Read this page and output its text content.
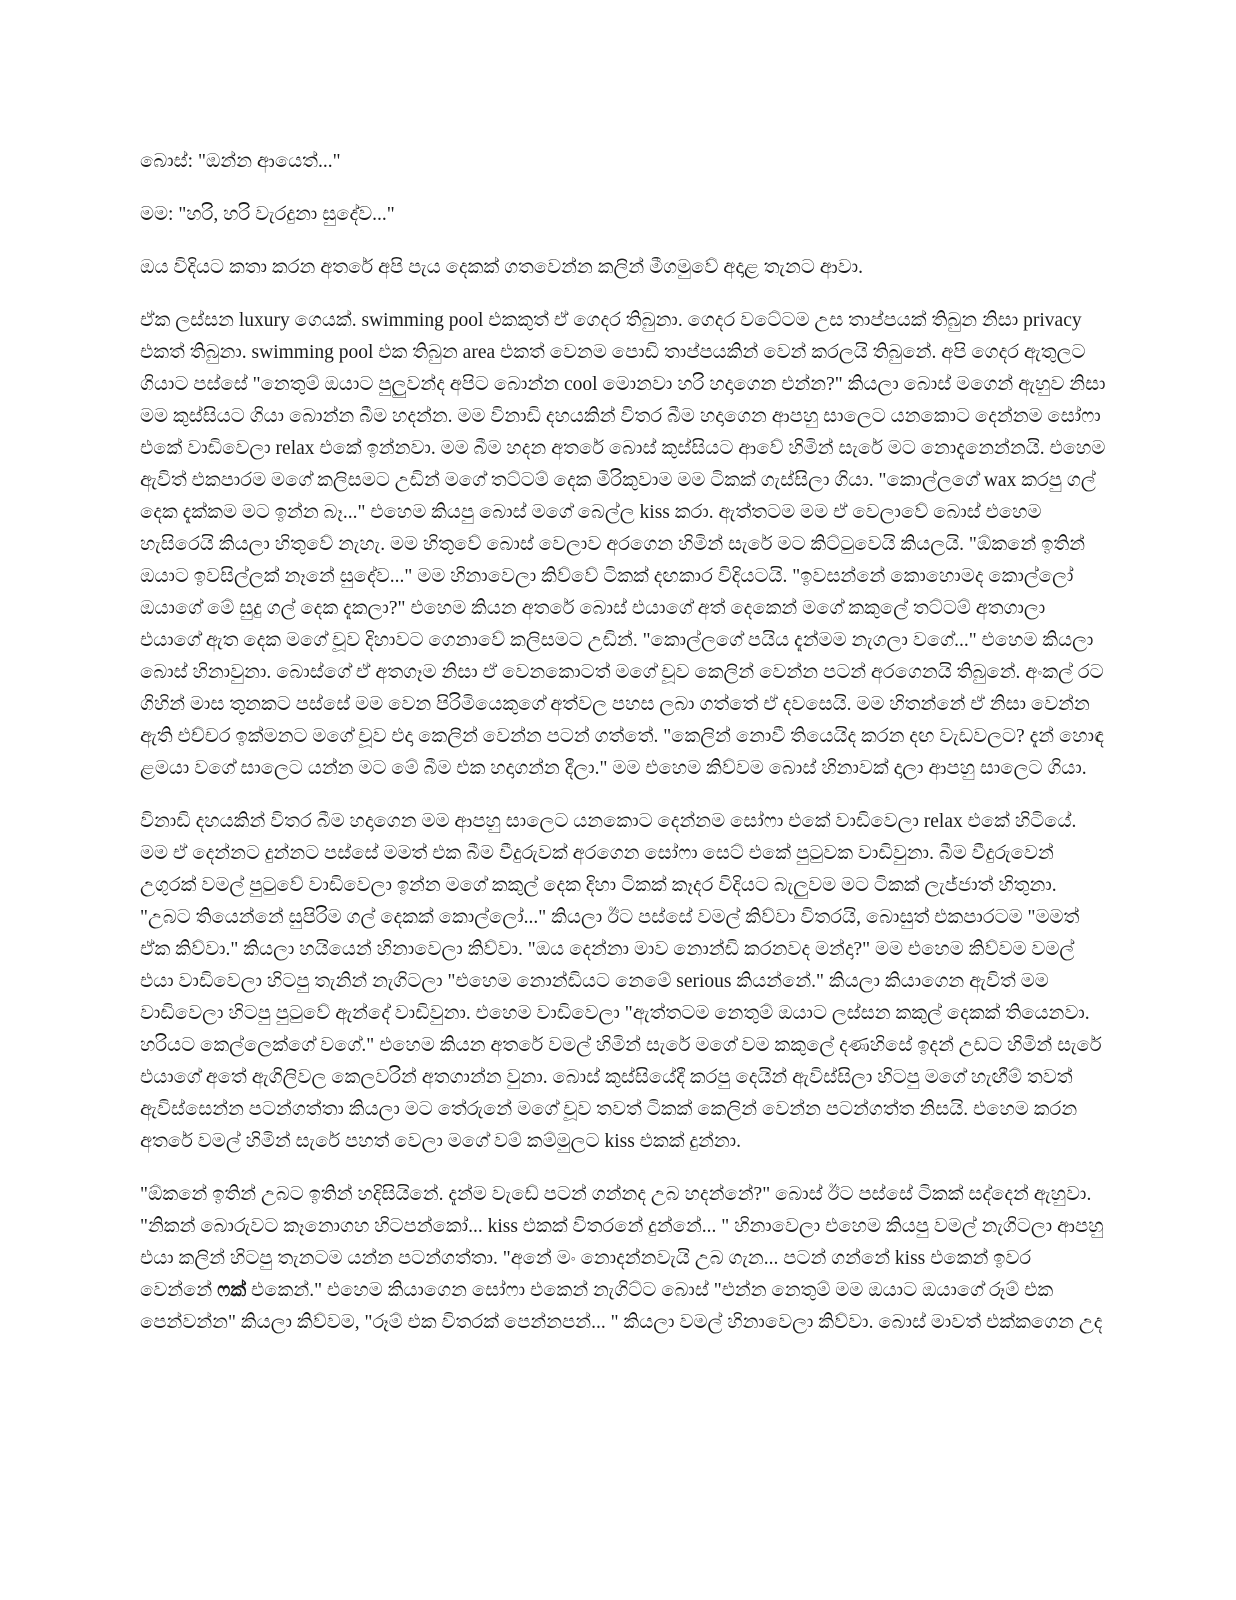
බොස්: "ඔන්න ආයෙත්..."

මම: "හරි, හරි වැරදුනා සුදේව..."

ඔය විදියට කතා කරන අතරේ අපි පැය දෙකක් ගතවෙන්න කලින් මීගමුවේ අදාළ තැනට ආවා.

ඒක ලස්සන luxury ගෙයක්. swimming pool එකකුත් ඒ ගෙදර තිබුනා. ගෙදර වටේටම උස තාප්පයක් තිබුන නිසා privacy එකත් තිබුනා. swimming pool එක තිබුන area එකත් වෙනම පොඩි තාප්පයකින් වෙන් කරලයි තිබුනේ. අපි ගෙදර ඇතුලට ගියාට පස්සේ "නෙතුම් ඔයාට පුලුවන්ද අපිට බොන්න cool මොනවා හරි හදාගෙන එන්න?" කියලා බොස් මගෙන් ඇහුව නිසා මම කුස්සියට ගියා බොන්න බීම හදන්න. මම විනාඩි දහයකින් විතර බීම හදාගෙන ආපහු සාලෙට යනකොට දෙන්නම සෝෆා එකේ වාඩිවෙලා relax එකේ ඉන්නවා. මම බීම හදන අතරේ බොස් කුස්සියට ආවේ හිමින් සැරේ මට නොදැනෙන්නයි. එහෙම ඇවිත් එකපාරම මගේ කලිසමට උඩින් මගේ තට්ටම් දෙක මිරිකුවාම මම ටිකක් ගැස්සිලා ගියා. "කොල්ලගේ wax කරපු ගල් දෙක දැක්කම මට ඉන්න බෑ..." එහෙම කියපු බොස් මගේ බෙල්ල kiss කරා. ඇත්තටම මම ඒ වෙලාවේ බොස් එහෙම හැසිරෙයි කියලා හිතුවේ නැහැ. මම හිතුවේ බොස් වෙලාව අරගෙන හිමින් සැරේ මට කිට්ටුවෙයි කියලයි. "ඕකනේ ඉතින් ඔයාට ඉවසිල්ලක් නෑනේ සුදේව..." මම හිනාවෙලා කිව්වේ ටිකක් දඟකාර විදියටයි. "ඉවසන්නේ කොහොමද කොල්ලෝ ඔයාගේ මේ සුදු ගල් දෙක දැකලා?" එහෙම කියන අතරේ බොස් එයාගේ අත් දෙකෙන් මගේ කකුලේ තට්ටම් අතගාලා එයාගේ ඇත දෙක මගේ චූව දිහාවට ගෙනාවේ කලිසමට උඩින්. "කොල්ලගේ පයිය දැන්මම නැගලා වගේ..." එහෙම කියලා බොස් හිනාවුනා. බොස්ගේ ඒ අතගෑම නිසා ඒ වෙනකොටත් මගේ චූව කෙලින් වෙන්න පටන් අරගෙනයි තිබුනේ. අංකල් රට ගිහින් මාස තුනකට පස්සේ මම වෙන පිරිමියෙකුගේ අත්වල පහස ලබා ගත්තේ ඒ දවසෙයි. මම හිතන්නේ ඒ නිසා වෙන්න ඇති එච්චර ඉක්මනට මගේ චූව එදා කෙලින් වෙන්න පටන් ගත්තේ. "කෙලින් නොවී තියෙයිද කරන දඟ වැඩවලට? දැන් හොඳ ළමයා වගේ සාලෙට යන්න මට මේ බීම එක හදාගන්න දීලා." මම එහෙම කිව්වම බොස් හිනාවක් දාලා ආපහු සාලෙට ගියා.

විනාඩි දහයකින් විතර බීම හදාගෙන මම ආපහු සාලෙට යනකොට දෙන්නම සෝෆා එකේ වාඩිවෙලා relax එකේ හිටියේ. මම ඒ දෙන්නට දුන්නට පස්සේ මමත් එක බීම වීදුරුවක් අරගෙන සෝෆා සෙට් එකේ පුටුවක වාඩිවුනා. බීම වීදුරුවෙන් උගුරක් වමල් පුටුවේ වාඩිවෙලා ඉන්න මගේ කකුල් දෙක දිහා ටිකක් කෑදර විදියට බැලුවම මට ටිකක් ලැජ්ජාත් හිතුනා. "උබට තියෙන්නේ සුපිරිම ගල් දෙකක් කොල්ලෝ..." කියලා ඊට පස්සේ වමල් කිව්වා විතරයි, බොසුත් එකපාරටම "මමත් ඒක කිව්වා." කියලා හයියෙන් හිනාවෙලා කිව්වා. "ඔය දෙන්නා මාව නොන්ඩි කරනවද මන්දා?" මම එහෙම කිව්වම වමල් එයා වාඩිවෙලා හිටපු තැනින් නැගිටලා "එහෙම නොන්ඩියට නෙමේ serious කියන්නේ." කියලා කියාගෙන ඇවිත් මම වාඩිවෙලා හිටපු පුටුවේ ඇන්දේ වාඩිවුනා. එහෙම වාඩිවෙලා "ඇත්තටම නෙතුම් ඔයාට ලස්සන කකුල් දෙකක් තියෙනවා. හරියට කෙල්ලෙක්ගේ වගේ." එහෙම කියන අතරේ වමල් හිමින් සැරේ මගේ වම කකුලේ දණහිසේ ඉදන් උඩට හිමින් සැරේ එයාගේ අතේ ඇගිලිවල කෙලවරින් අතගාන්න වුනා. බොස් කුස්සියේදී කරපු දෙයින් ඇවිස්සිලා හිටපු මගේ හැඟීම් තවත් ඇවිස්සෙන්න පටන්ගත්තා කියලා මට තේරුනේ මගේ චූව තවත් ටිකක් කෙලින් වෙන්න පටන්ගත්ත නිසයි. එහෙම කරන අතරේ වමල් හිමින් සැරේ පහත් වෙලා මගේ වම් කම්මුලට kiss එකක් දුන්නා.

"ඕකනේ ඉතින් උබට ඉතින් හදිසියිනේ. දැන්ම වැඩේ පටන් ගන්නද උබ හදන්නේ?" බොස් ඊට පස්සේ ටිකක් සද්දෙන් ඇහුවා. "නිකන් බොරුවට කෑනොගහ හිටපන්කෝ... kiss එකක් විතරනේ දුන්නේ... " හිනාවෙලා එහෙම කියපු වමල් නැගිටලා ආපහු එයා කලින් හිටපු තැනටම යන්න පටන්ගත්තා. "අනේ මං නොදන්නවැයි උබ ගැන... පටන් ගන්නේ kiss එකෙන් ඉවර වෙන්නේ ෆක් එකෙන්." එහෙම කියාගෙන සෝෆා එකෙන් නැගිට්ට බොස් "එන්න නෙතුම් මම ඔයාට ඔයාගේ රූම් එක පෙන්වන්න" කියලා කිව්වම, "රූම් එක විතරක් පෙන්නපන්... " කියලා වමල් හිනාවෙලා කිව්වා. බොස් මාවත් එක්කගෙන උද
